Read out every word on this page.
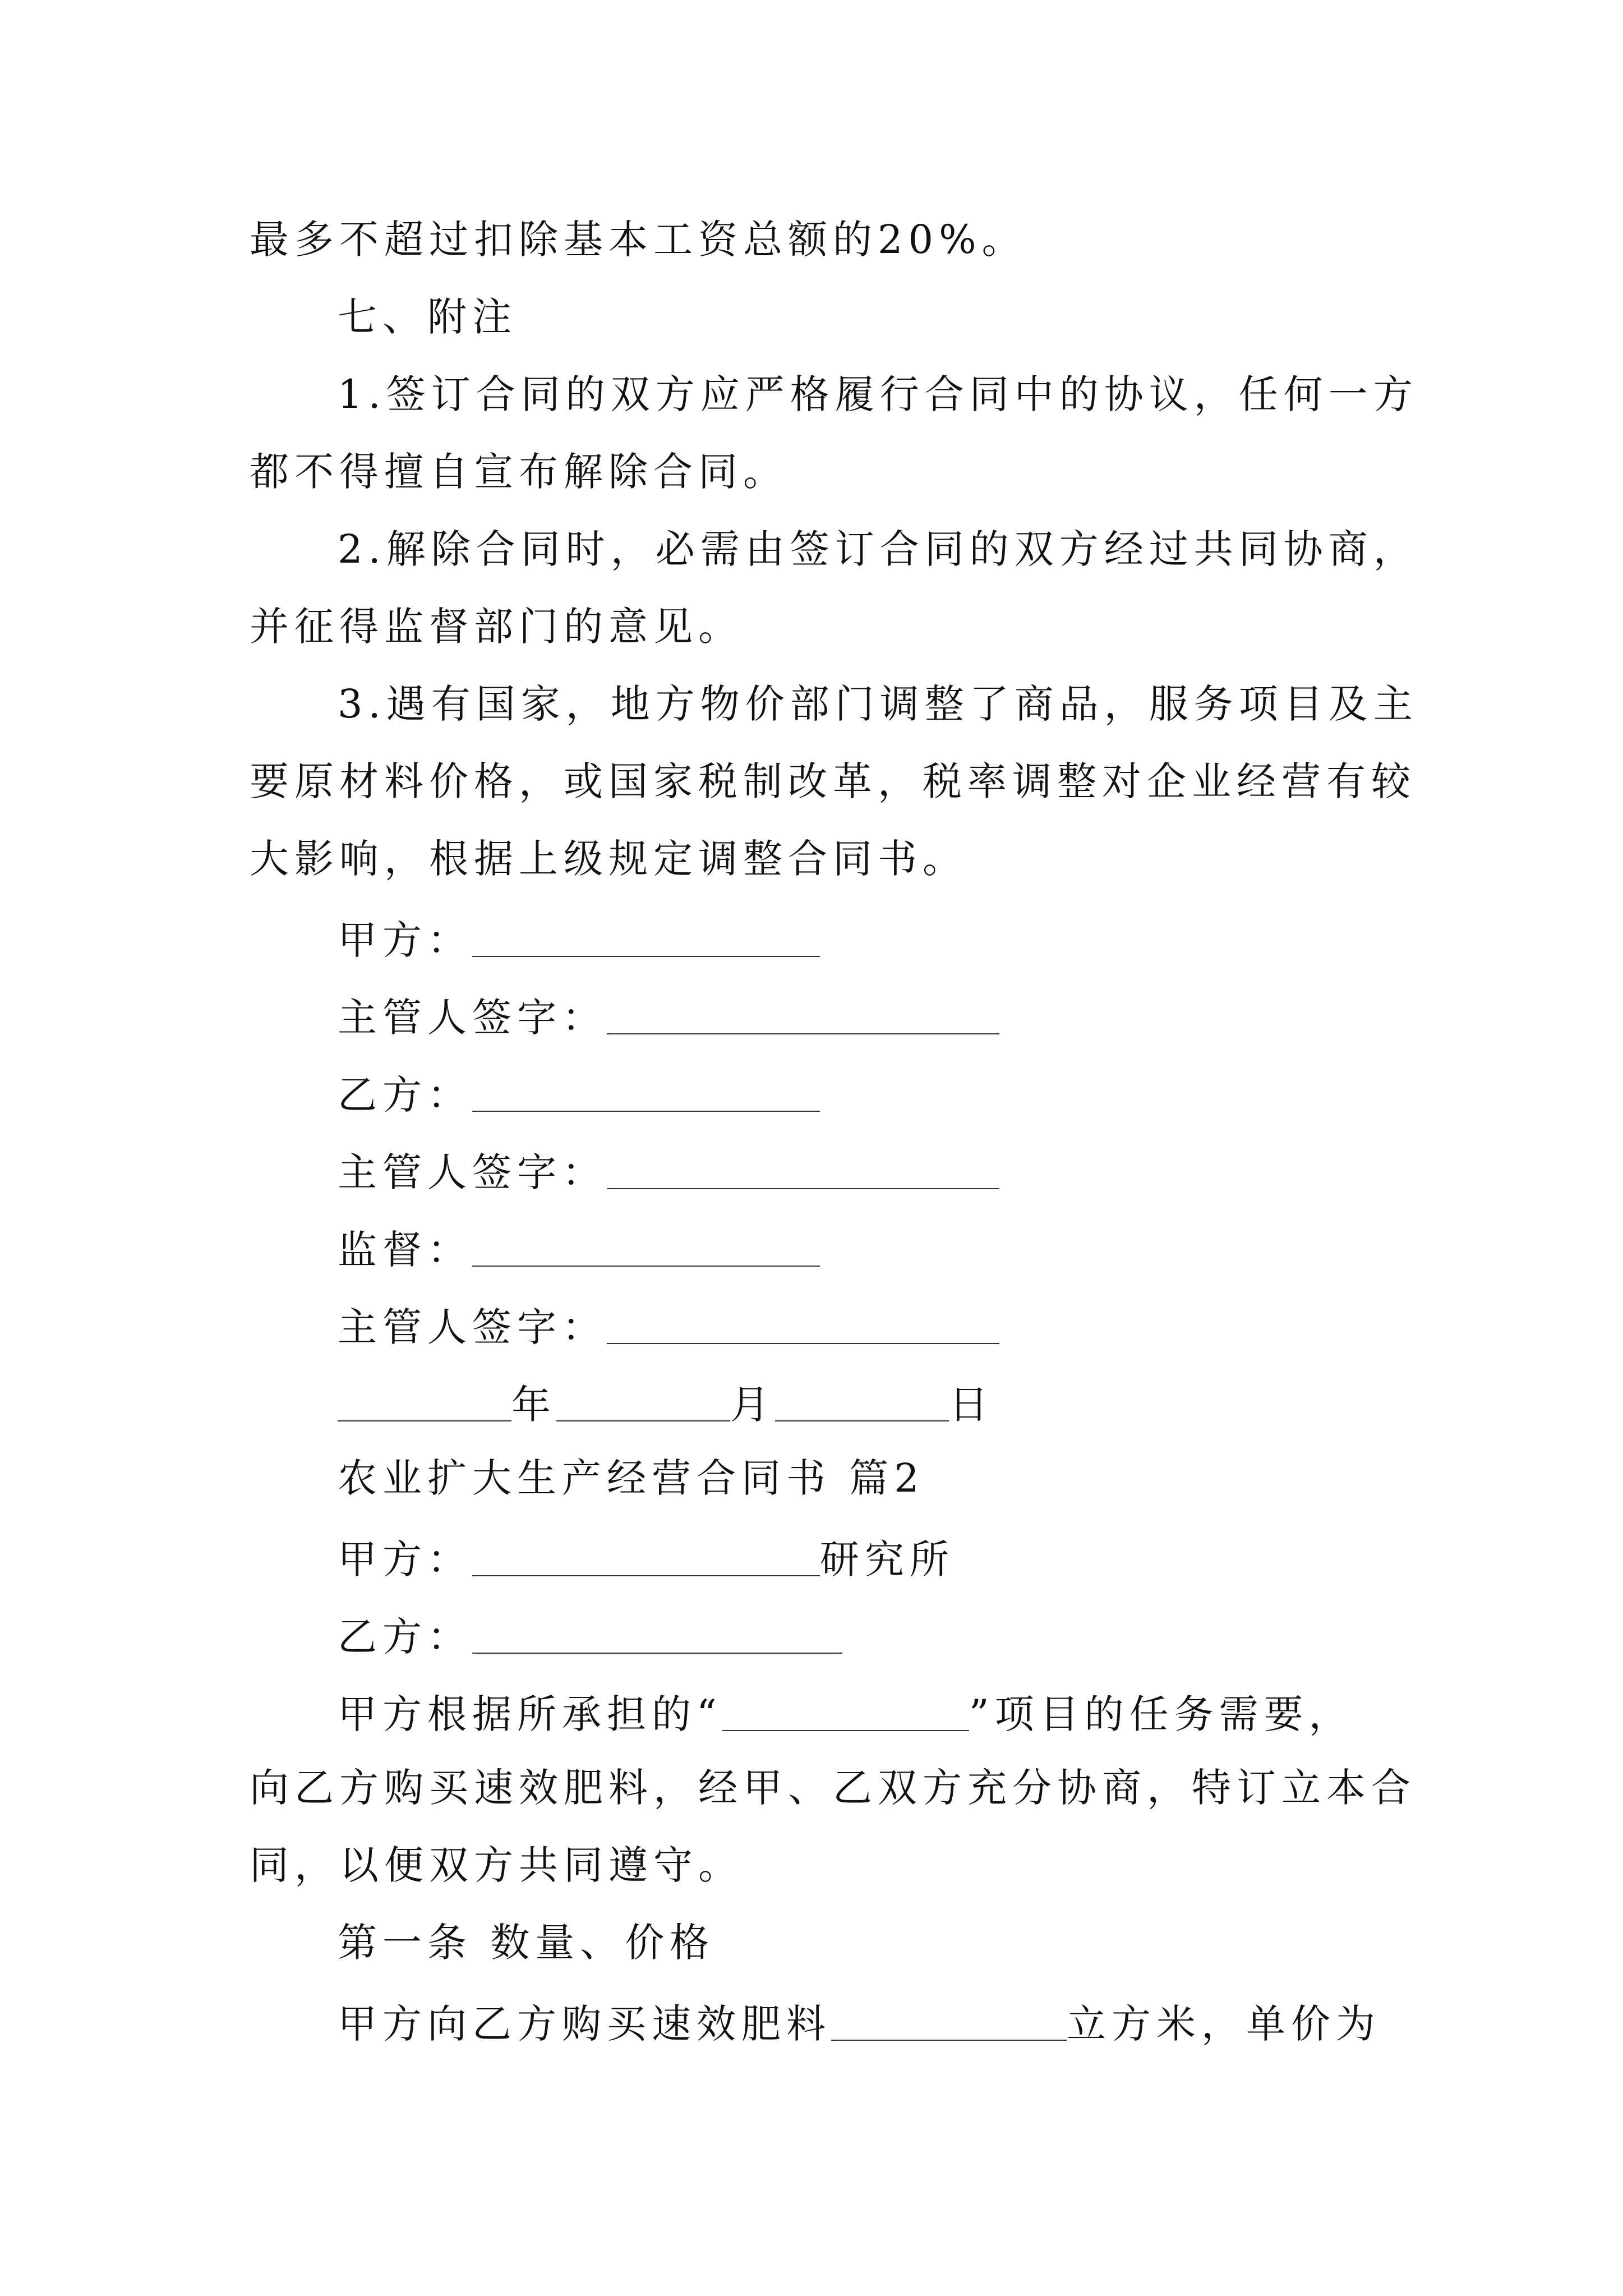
最多不超过扣除基本工资总额的20%。
七、附注
1.签订合同的双方应严格履行合同中的协议，任何一方
都不得擅自宣布解除合同。
2.解除合同时，必需由签订合同的双方经过共同协商，
并征得监督部门的意见。
3.遇有国家，地方物价部门调整了商品，服务项目及主
要原材料价格，或国家税制改革，税率调整对企业经营有较
大影响，根据上级规定调整合同书。
甲方：
主管人签字：
乙方：
主管人签字：
监督：
主管人签字：
年	月	日
农业扩大生产经营合同书 篇2
甲方：	研究所
乙方：
甲方根据所承担的“	”项目的任务需要，
向乙方购买速效肥料，经甲、乙双方充分协商，特订立本合
同，以便双方共同遵守。
第一条 数量、价格
甲方向乙方购买速效肥料	立方米，单价为
